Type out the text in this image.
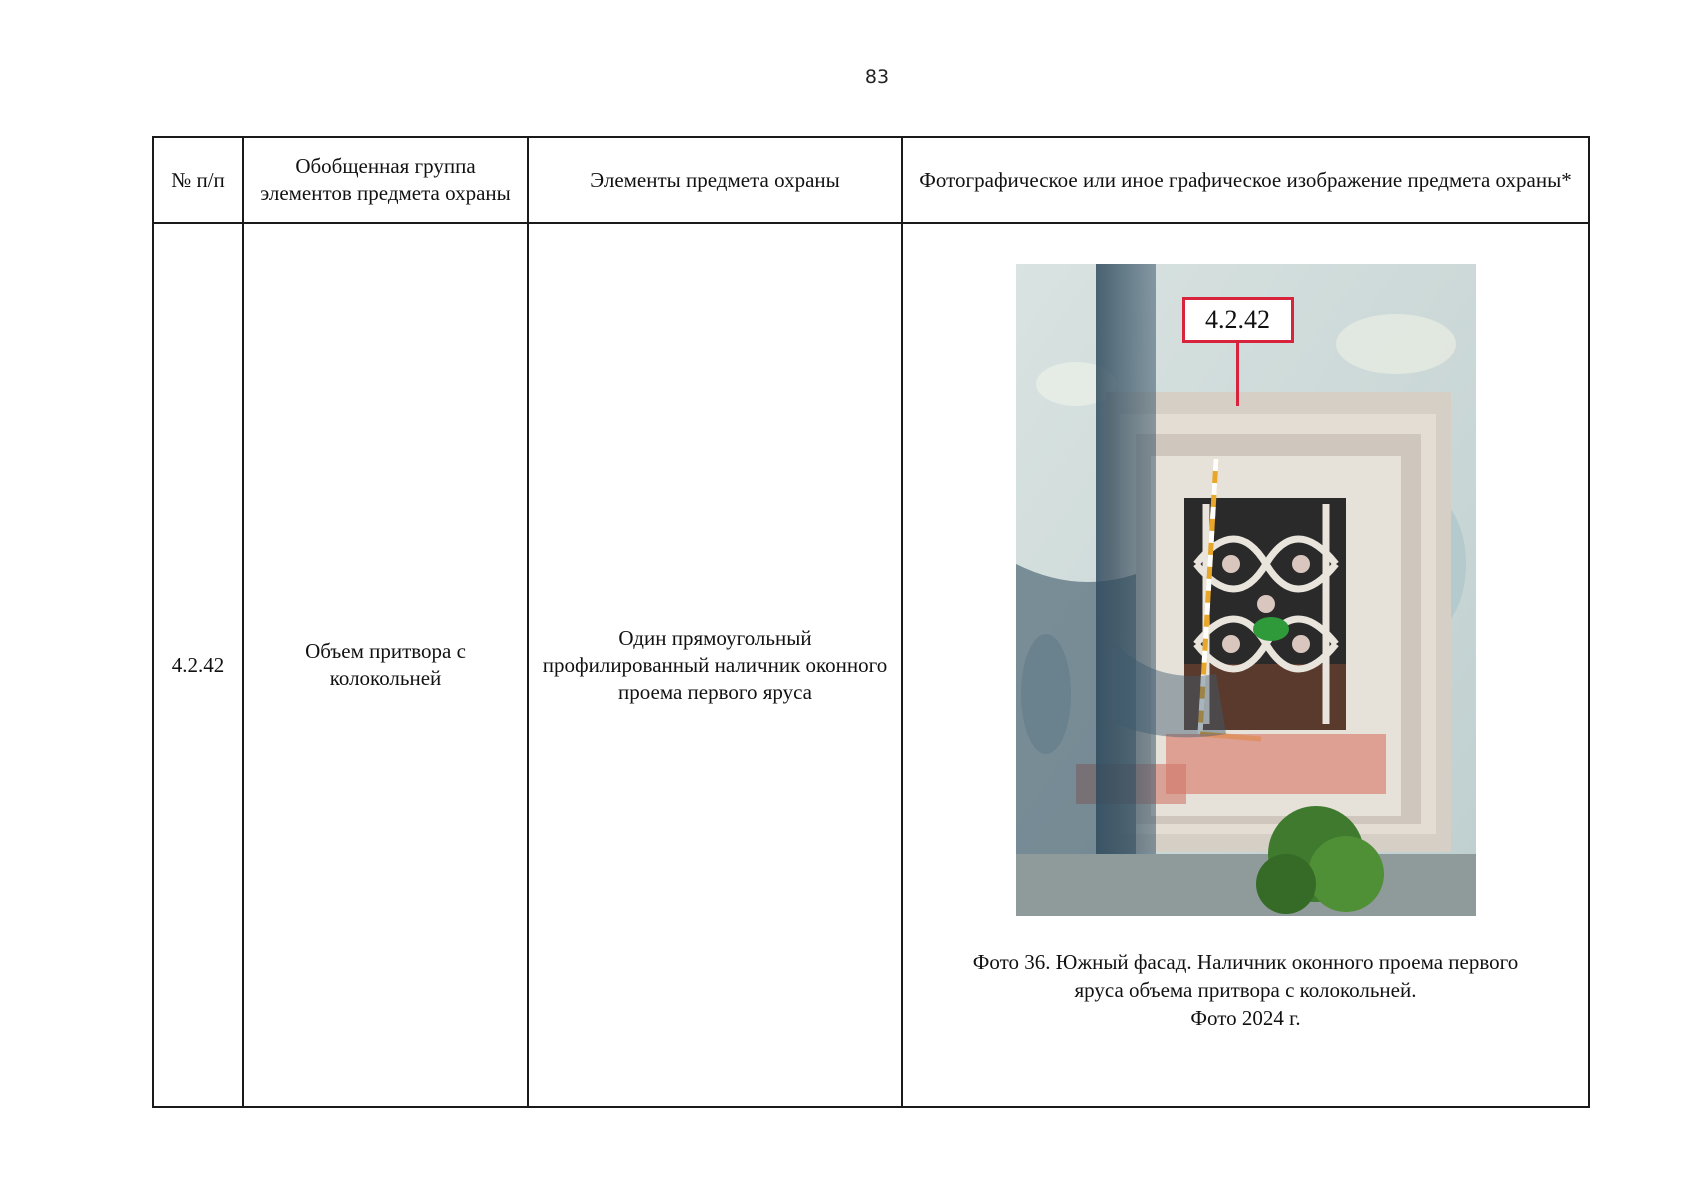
83
№ п/п	Обобщенная группа элементов предмета охраны	Элементы предмета охраны	Фотографическое или иное графическое изображение предмета охраны*
4.2.42	Объем притвора с колокольней	Один прямоугольный профилированный наличник оконного проема первого яруса	4.2.42
Фото 36. Южный фасад. Наличник оконного проема первого
яруса объема притвора с колокольней.
Фото 2024 г.
